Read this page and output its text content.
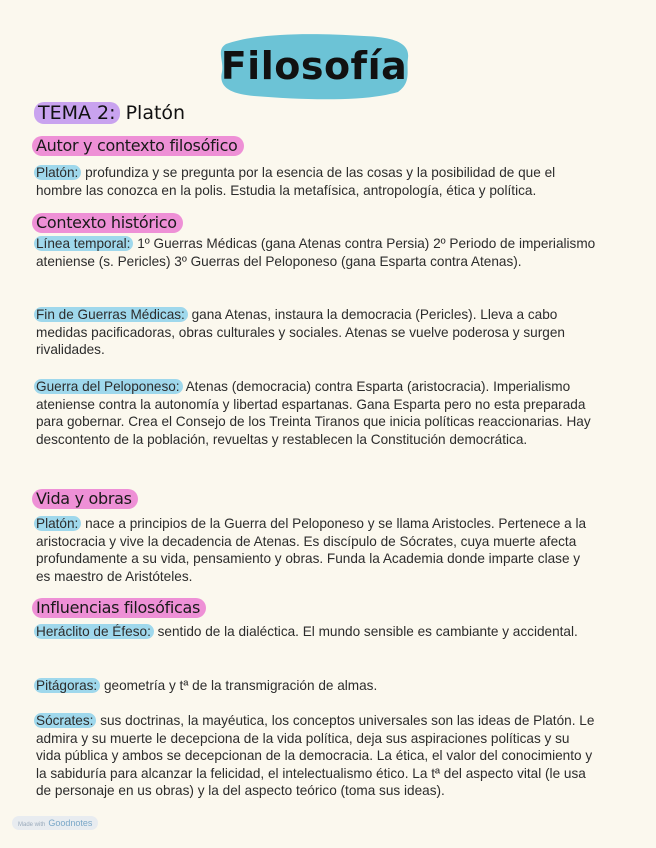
Filosofía
TEMA 2: Platón
Autor y contexto filosófico
Platón: profundiza y se pregunta por la esencia de las cosas y la posibilidad de que el hombre las conozca en la polis. Estudia la metafísica, antropología, ética y política.
Contexto histórico
Línea temporal: 1º Guerras Médicas (gana Atenas contra Persia) 2º Periodo de imperialismo ateniense (s. Pericles) 3º Guerras del Peloponeso (gana Esparta contra Atenas).
Fin de Guerras Médicas: gana Atenas, instaura la democracia (Pericles). Lleva a cabo medidas pacificadoras, obras culturales y sociales. Atenas se vuelve poderosa y surgen rivalidades.
Guerra del Peloponeso: Atenas (democracia) contra Esparta (aristocracia). Imperialismo ateniense contra la autonomía y libertad espartanas. Gana Esparta pero no esta preparada para gobernar. Crea el Consejo de los Treinta Tiranos que inicia políticas reaccionarias. Hay descontento de la población, revueltas y restablecen la Constitución democrática.
Vida y obras
Platón: nace a principios de la Guerra del Peloponeso y se llama Aristocles. Pertenece a la aristocracia y vive la decadencia de Atenas. Es discípulo de Sócrates, cuya muerte afecta profundamente a su vida, pensamiento y obras. Funda la Academia donde imparte clase y es maestro de Aristóteles.
Influencias filosóficas
Heráclito de Éfeso: sentido de la dialéctica. El mundo sensible es cambiante y accidental.
Pitágoras: geometría y tª de la transmigración de almas.
Sócrates: sus doctrinas, la mayéutica, los conceptos universales son las ideas de Platón. Le admira y su muerte le decepciona de la vida política, deja sus aspiraciones políticas y su vida pública y ambos se decepcionan de la democracia. La ética, el valor del conocimiento y la sabiduría para alcanzar la felicidad, el intelectualismo ético. La tª del aspecto vital (le usa de personaje en us obras) y la del aspecto teórico (toma sus ideas).
Made with Goodnotes
